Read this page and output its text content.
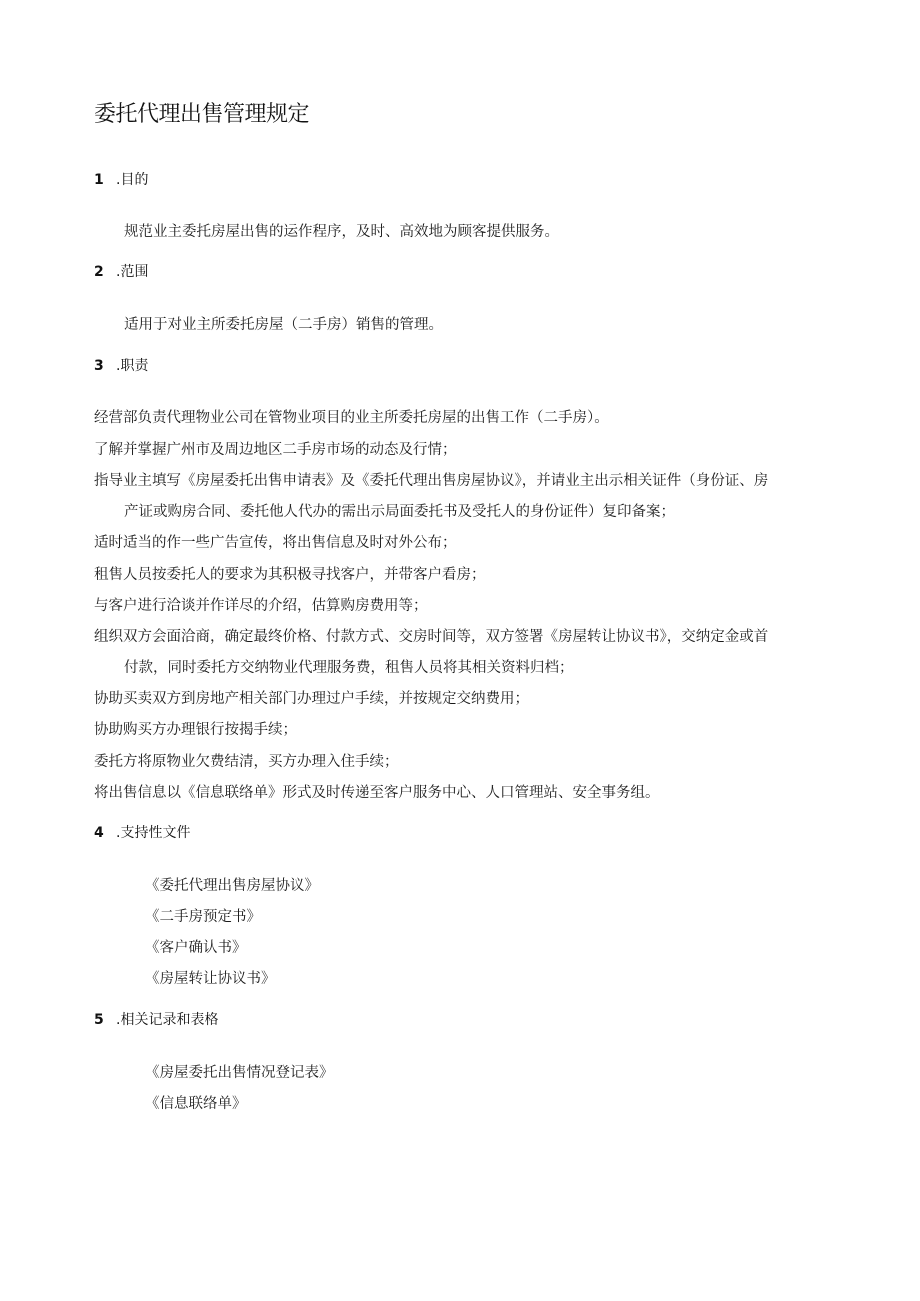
委托代理出售管理规定
1 .目的

规范业主委托房屋出售的运作程序，及时、高效地为顾客提供服务。

2 .范围

适用于对业主所委托房屋（二手房）销售的管理。

3 .职责

经营部负责代理物业公司在管物业项目的业主所委托房屋的出售工作（二手房）。

了解并掌握广州市及周边地区二手房市场的动态及行情；

指导业主填写《房屋委托出售申请表》及《委托代理出售房屋协议》，并请业主出示相关证件（身份证、房

产证或购房合同、委托他人代办的需出示局面委托书及受托人的身份证件）复印备案；

适时适当的作一些广告宣传，将出售信息及时对外公布；

租售人员按委托人的要求为其积极寻找客户，并带客户看房；

与客户进行洽谈并作详尽的介绍，估算购房费用等；

组织双方会面洽商，确定最终价格、付款方式、交房时间等，双方签署《房屋转让协议书》，交纳定金或首

付款，同时委托方交纳物业代理服务费，租售人员将其相关资料归档；

协助买卖双方到房地产相关部门办理过户手续，并按规定交纳费用；

协助购买方办理银行按揭手续；

委托方将原物业欠费结清，买方办理入住手续；

将出售信息以《信息联络单》形式及时传递至客户服务中心、人口管理站、安全事务组。

4 .支持性文件

《委托代理出售房屋协议》

《二手房预定书》

《客户确认书》

《房屋转让协议书》

5 .相关记录和表格

《房屋委托出售情况登记表》

《信息联络单》
